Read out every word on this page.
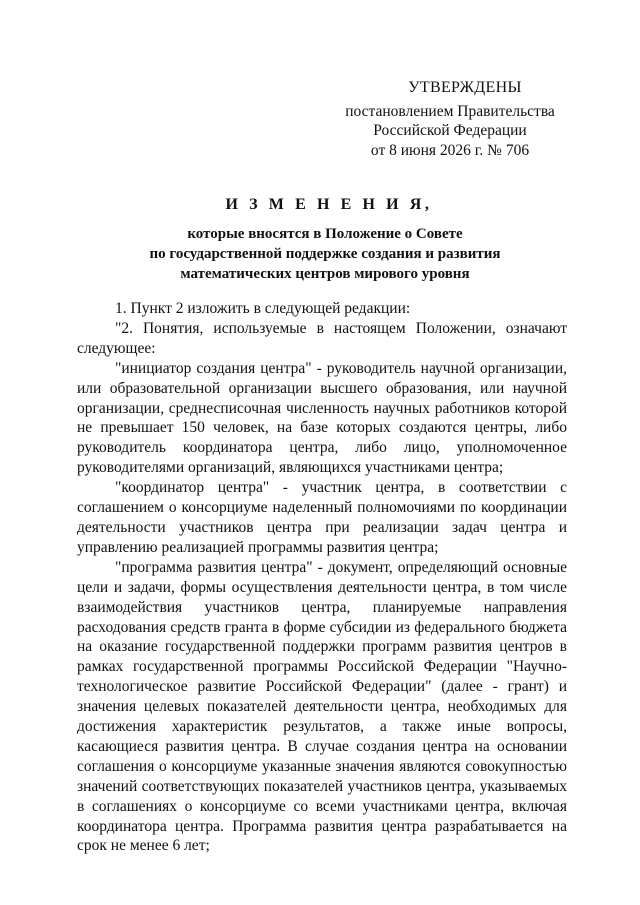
УТВЕРЖДЕНЫ
постановлением Правительства
Российской Федерации
от 8 июня 2026 г. № 706
И З М Е Н Е Н И Я,
которые вносятся в Положение о Совете
по государственной поддержке создания и развития
математических центров мирового уровня

1. Пункт 2 изложить в следующей редакции:

"2. Понятия, используемые в настоящем Положении, означают следующее:

"инициатор создания центра" - руководитель научной организации, или образовательной организации высшего образования, или научной организации, среднесписочная численность научных работников которой не превышает 150 человек, на базе которых создаются центры, либо руководитель координатора центра, либо лицо, уполномоченное руководителями организаций, являющихся участниками центра;

"координатор центра" - участник центра, в соответствии с соглашением о консорциуме наделенный полномочиями по координации деятельности участников центра при реализации задач центра и управлению реализацией программы развития центра;

"программа развития центра" - документ, определяющий основные цели и задачи, формы осуществления деятельности центра, в том числе взаимодействия участников центра, планируемые направления расходования средств гранта в форме субсидии из федерального бюджета на оказание государственной поддержки программ развития центров в рамках государственной программы Российской Федерации "Научно-технологическое развитие Российской Федерации" (далее - грант) и значения целевых показателей деятельности центра, необходимых для достижения характеристик результатов, а также иные вопросы, касающиеся развития центра. В случае создания центра на основании соглашения о консорциуме указанные значения являются совокупностью значений соответствующих показателей участников центра, указываемых в соглашениях о консорциуме со всеми участниками центра, включая координатора центра. Программа развития центра разрабатывается на срок не менее 6 лет;
